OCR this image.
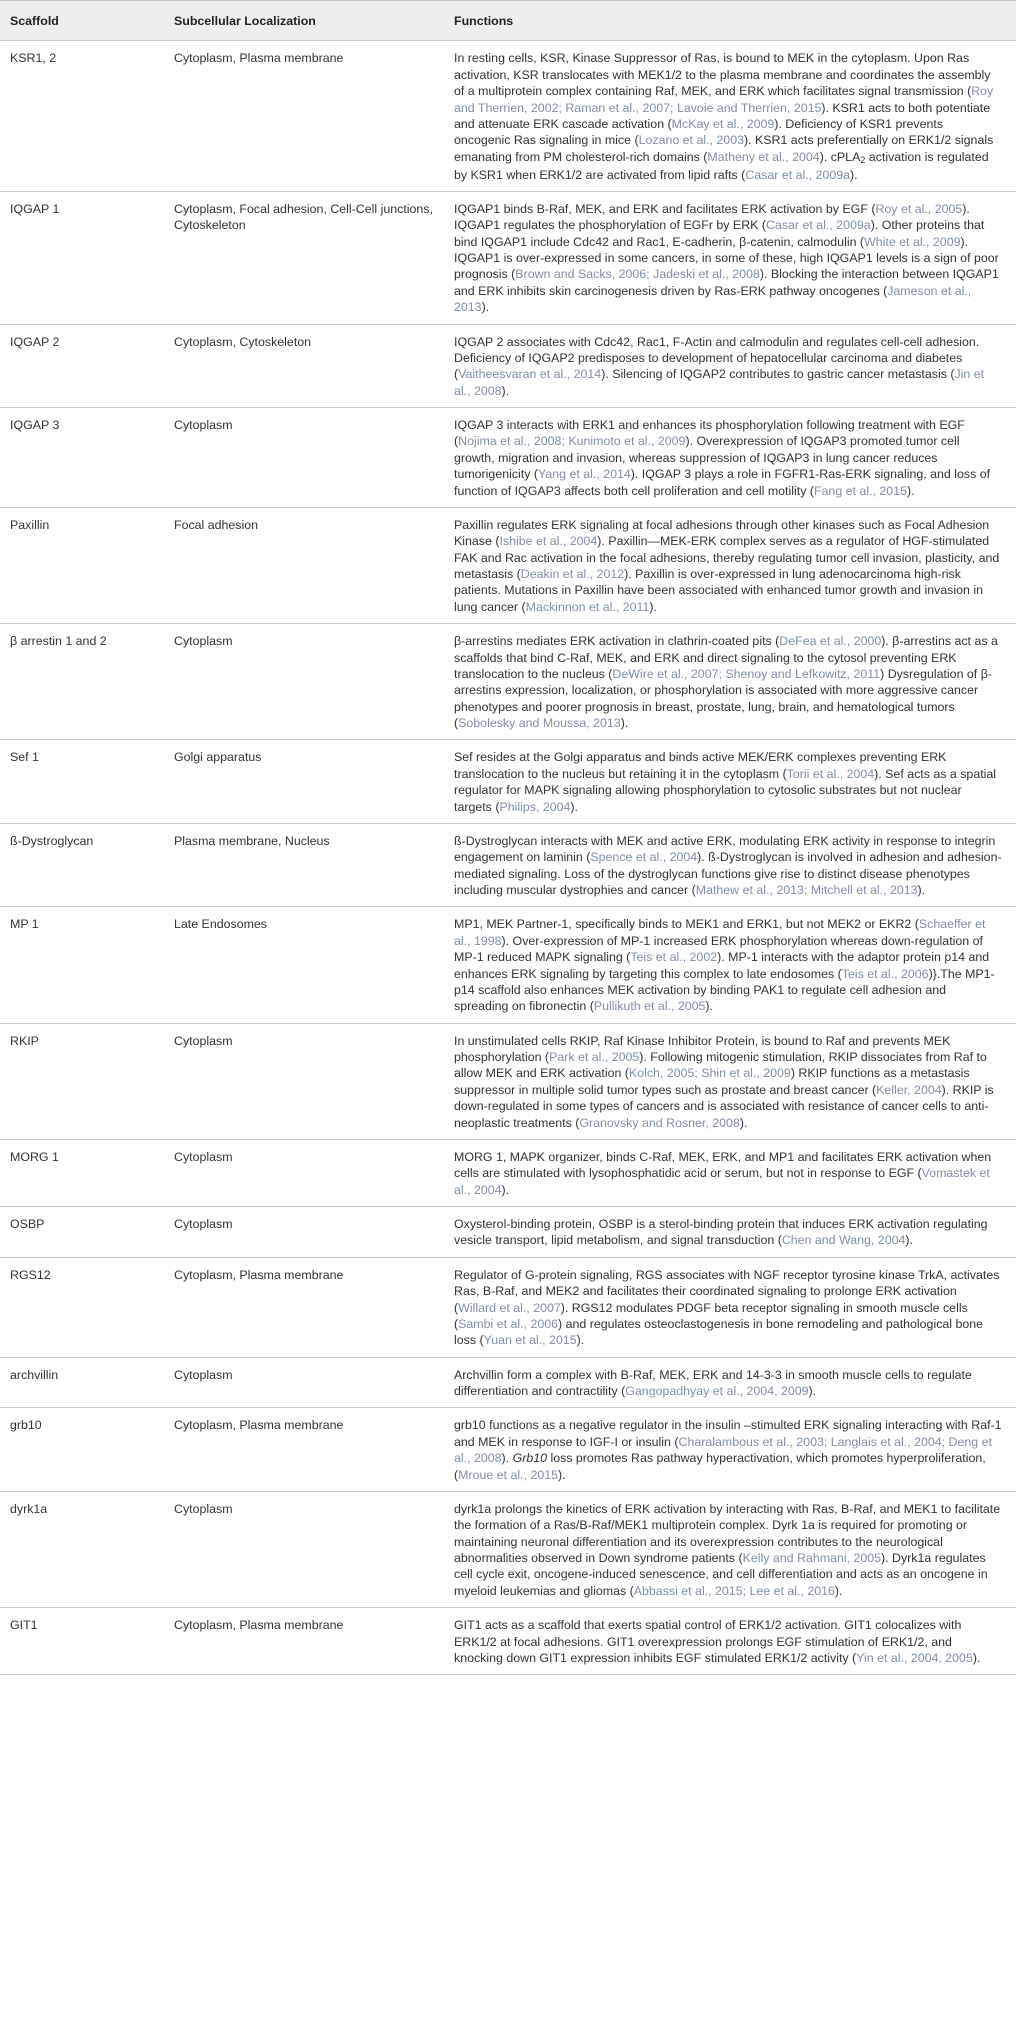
Scaffold	Subcellular Localization	Functions
KSR1, 2	Cytoplasm, Plasma membrane	In resting cells, KSR, Kinase Suppressor of Ras, is bound to MEK in the cytoplasm. Upon Ras activation, KSR translocates with MEK1/2 to the plasma membrane and coordinates the assembly of a multiprotein complex containing Raf, MEK, and ERK which facilitates signal transmission (Roy and Therrien, 2002; Raman et al., 2007; Lavoie and Therrien, 2015). KSR1 acts to both potentiate and attenuate ERK cascade activation (McKay et al., 2009). Deficiency of KSR1 prevents oncogenic Ras signaling in mice (Lozano et al., 2003). KSR1 acts preferentially on ERK1/2 signals emanating from PM cholesterol-rich domains (Matheny et al., 2004). cPLA2 activation is regulated by KSR1 when ERK1/2 are activated from lipid rafts (Casar et al., 2009a).
IQGAP 1	Cytoplasm, Focal adhesion, Cell-Cell junctions, Cytoskeleton	IQGAP1 binds B-Raf, MEK, and ERK and facilitates ERK activation by EGF (Roy et al., 2005). IQGAP1 regulates the phosphorylation of EGFr by ERK (Casar et al., 2009a). Other proteins that bind IQGAP1 include Cdc42 and Rac1, E-cadherin, β-catenin, calmodulin (White et al., 2009). IQGAP1 is over-expressed in some cancers, in some of these, high IQGAP1 levels is a sign of poor prognosis (Brown and Sacks, 2006; Jadeski et al., 2008). Blocking the interaction between IQGAP1 and ERK inhibits skin carcinogenesis driven by Ras-ERK pathway oncogenes (Jameson et al., 2013).
IQGAP 2	Cytoplasm, Cytoskeleton	IQGAP 2 associates with Cdc42, Rac1, F-Actin and calmodulin and regulates cell-cell adhesion. Deficiency of IQGAP2 predisposes to development of hepatocellular carcinoma and diabetes (Vaitheesvaran et al., 2014). Silencing of IQGAP2 contributes to gastric cancer metastasis (Jin et al., 2008).
IQGAP 3	Cytoplasm	IQGAP 3 interacts with ERK1 and enhances its phosphorylation following treatment with EGF (Nojima et al., 2008; Kunimoto et al., 2009). Overexpression of IQGAP3 promoted tumor cell growth, migration and invasion, whereas suppression of IQGAP3 in lung cancer reduces tumorigenicity (Yang et al., 2014). IQGAP 3 plays a role in FGFR1-Ras-ERK signaling, and loss of function of IQGAP3 affects both cell proliferation and cell motility (Fang et al., 2015).
Paxillin	Focal adhesion	Paxillin regulates ERK signaling at focal adhesions through other kinases such as Focal Adhesion Kinase (Ishibe et al., 2004). Paxillin—MEK-ERK complex serves as a regulator of HGF-stimulated FAK and Rac activation in the focal adhesions, thereby regulating tumor cell invasion, plasticity, and metastasis (Deakin et al., 2012). Paxillin is over-expressed in lung adenocarcinoma high-risk patients. Mutations in Paxillin have been associated with enhanced tumor growth and invasion in lung cancer (Mackinnon et al., 2011).
β arrestin 1 and 2	Cytoplasm	β-arrestins mediates ERK activation in clathrin-coated pits (DeFea et al., 2000). β-arrestins act as a scaffolds that bind C-Raf, MEK, and ERK and direct signaling to the cytosol preventing ERK translocation to the nucleus (DeWire et al., 2007; Shenoy and Lefkowitz, 2011) Dysregulation of β-arrestins expression, localization, or phosphorylation is associated with more aggressive cancer phenotypes and poorer prognosis in breast, prostate, lung, brain, and hematological tumors (Sobolesky and Moussa, 2013).
Sef 1	Golgi apparatus	Sef resides at the Golgi apparatus and binds active MEK/ERK complexes preventing ERK translocation to the nucleus but retaining it in the cytoplasm (Torii et al., 2004). Sef acts as a spatial regulator for MAPK signaling allowing phosphorylation to cytosolic substrates but not nuclear targets (Philips, 2004).
ß-Dystroglycan	Plasma membrane, Nucleus	ß-Dystroglycan interacts with MEK and active ERK, modulating ERK activity in response to integrin engagement on laminin (Spence et al., 2004). ß-Dystroglycan is involved in adhesion and adhesion-mediated signaling. Loss of the dystroglycan functions give rise to distinct disease phenotypes including muscular dystrophies and cancer (Mathew et al., 2013; Mitchell et al., 2013).
MP 1	Late Endosomes	MP1, MEK Partner-1, specifically binds to MEK1 and ERK1, but not MEK2 or EKR2 (Schaeffer et al., 1998). Over-expression of MP-1 increased ERK phosphorylation whereas down-regulation of MP-1 reduced MAPK signaling (Teis et al., 2002). MP-1 interacts with the adaptor protein p14 and enhances ERK signaling by targeting this complex to late endosomes (Teis et al., 2006)}.The MP1-p14 scaffold also enhances MEK activation by binding PAK1 to regulate cell adhesion and spreading on fibronectin (Pullikuth et al., 2005).
RKIP	Cytoplasm	In unstimulated cells RKIP, Raf Kinase Inhibitor Protein, is bound to Raf and prevents MEK phosphorylation (Park et al., 2005). Following mitogenic stimulation, RKIP dissociates from Raf to allow MEK and ERK activation (Kolch, 2005; Shin et al., 2009) RKIP functions as a metastasis suppressor in multiple solid tumor types such as prostate and breast cancer (Keller, 2004). RKIP is down-regulated in some types of cancers and is associated with resistance of cancer cells to anti-neoplastic treatments (Granovsky and Rosner, 2008).
MORG 1	Cytoplasm	MORG 1, MAPK organizer, binds C-Raf, MEK, ERK, and MP1 and facilitates ERK activation when cells are stimulated with lysophosphatidic acid or serum, but not in response to EGF (Vomastek et al., 2004).
OSBP	Cytoplasm	Oxysterol-binding protein, OSBP is a sterol-binding protein that induces ERK activation regulating vesicle transport, lipid metabolism, and signal transduction (Chen and Wang, 2004).
RGS12	Cytoplasm, Plasma membrane	Regulator of G-protein signaling, RGS associates with NGF receptor tyrosine kinase TrkA, activates Ras, B-Raf, and MEK2 and facilitates their coordinated signaling to prolonge ERK activation (Willard et al., 2007). RGS12 modulates PDGF beta receptor signaling in smooth muscle cells (Sambi et al., 2006) and regulates osteoclastogenesis in bone remodeling and pathological bone loss (Yuan et al., 2015).
archvillin	Cytoplasm	Archvillin form a complex with B-Raf, MEK, ERK and 14-3-3 in smooth muscle cells to regulate differentiation and contractility (Gangopadhyay et al., 2004, 2009).
grb10	Cytoplasm, Plasma membrane	grb10 functions as a negative regulator in the insulin –stimulted ERK signaling interacting with Raf-1 and MEK in response to IGF-I or insulin (Charalambous et al., 2003; Langlais et al., 2004; Deng et al., 2008). Grb10 loss promotes Ras pathway hyperactivation, which promotes hyperproliferation, (Mroue et al., 2015).
dyrk1a	Cytoplasm	dyrk1a prolongs the kinetics of ERK activation by interacting with Ras, B-Raf, and MEK1 to facilitate the formation of a Ras/B-Raf/MEK1 multiprotein complex. Dyrk 1a is required for promoting or maintaining neuronal differentiation and its overexpression contributes to the neurological abnormalities observed in Down syndrome patients (Kelly and Rahmani, 2005). Dyrk1a regulates cell cycle exit, oncogene-induced senescence, and cell differentiation and acts as an oncogene in myeloid leukemias and gliomas (Abbassi et al., 2015; Lee et al., 2016).
GIT1	Cytoplasm, Plasma membrane	GIT1 acts as a scaffold that exerts spatial control of ERK1/2 activation. GIT1 colocalizes with ERK1/2 at focal adhesions. GIT1 overexpression prolongs EGF stimulation of ERK1/2, and knocking down GIT1 expression inhibits EGF stimulated ERK1/2 activity (Yin et al., 2004, 2005).
